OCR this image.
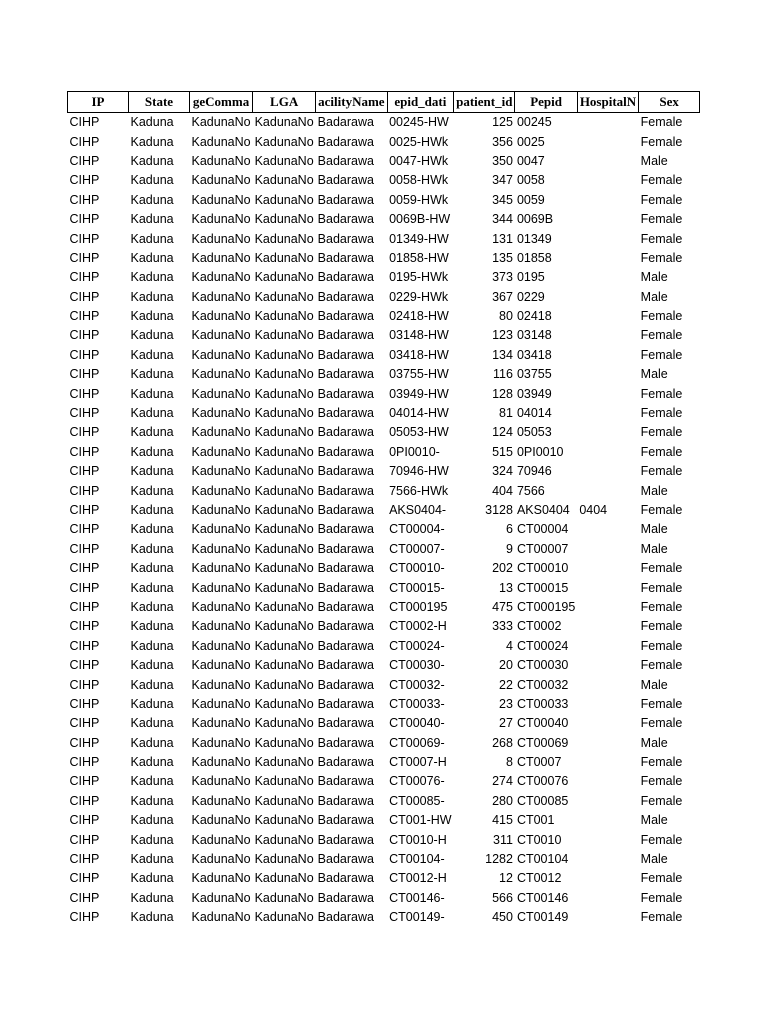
IP	State	geComma	LGA	acilityName	epid_dati	patient_id	Pepid	HospitalN	Sex
CIHP	Kaduna	KadunaNo	KadunaNo	Badarawa	00245-HW	125	00245		Female
CIHP	Kaduna	KadunaNo	KadunaNo	Badarawa	0025-HWk	356	0025		Female
CIHP	Kaduna	KadunaNo	KadunaNo	Badarawa	0047-HWk	350	0047		Male
CIHP	Kaduna	KadunaNo	KadunaNo	Badarawa	0058-HWk	347	0058		Female
CIHP	Kaduna	KadunaNo	KadunaNo	Badarawa	0059-HWk	345	0059		Female
CIHP	Kaduna	KadunaNo	KadunaNo	Badarawa	0069B-HW	344	0069B		Female
CIHP	Kaduna	KadunaNo	KadunaNo	Badarawa	01349-HW	131	01349		Female
CIHP	Kaduna	KadunaNo	KadunaNo	Badarawa	01858-HW	135	01858		Female
CIHP	Kaduna	KadunaNo	KadunaNo	Badarawa	0195-HWk	373	0195		Male
CIHP	Kaduna	KadunaNo	KadunaNo	Badarawa	0229-HWk	367	0229		Male
CIHP	Kaduna	KadunaNo	KadunaNo	Badarawa	02418-HW	80	02418		Female
CIHP	Kaduna	KadunaNo	KadunaNo	Badarawa	03148-HW	123	03148		Female
CIHP	Kaduna	KadunaNo	KadunaNo	Badarawa	03418-HW	134	03418		Female
CIHP	Kaduna	KadunaNo	KadunaNo	Badarawa	03755-HW	116	03755		Male
CIHP	Kaduna	KadunaNo	KadunaNo	Badarawa	03949-HW	128	03949		Female
CIHP	Kaduna	KadunaNo	KadunaNo	Badarawa	04014-HW	81	04014		Female
CIHP	Kaduna	KadunaNo	KadunaNo	Badarawa	05053-HW	124	05053		Female
CIHP	Kaduna	KadunaNo	KadunaNo	Badarawa	0PI0010-	515	0PI0010		Female
CIHP	Kaduna	KadunaNo	KadunaNo	Badarawa	70946-HW	324	70946		Female
CIHP	Kaduna	KadunaNo	KadunaNo	Badarawa	7566-HWk	404	7566		Male
CIHP	Kaduna	KadunaNo	KadunaNo	Badarawa	AKS0404-	3128	AKS0404	0404	Female
CIHP	Kaduna	KadunaNo	KadunaNo	Badarawa	CT00004-	6	CT00004		Male
CIHP	Kaduna	KadunaNo	KadunaNo	Badarawa	CT00007-	9	CT00007		Male
CIHP	Kaduna	KadunaNo	KadunaNo	Badarawa	CT00010-	202	CT00010		Female
CIHP	Kaduna	KadunaNo	KadunaNo	Badarawa	CT00015-	13	CT00015		Female
CIHP	Kaduna	KadunaNo	KadunaNo	Badarawa	CT000195	475	CT000195		Female
CIHP	Kaduna	KadunaNo	KadunaNo	Badarawa	CT0002-H	333	CT0002		Female
CIHP	Kaduna	KadunaNo	KadunaNo	Badarawa	CT00024-	4	CT00024		Female
CIHP	Kaduna	KadunaNo	KadunaNo	Badarawa	CT00030-	20	CT00030		Female
CIHP	Kaduna	KadunaNo	KadunaNo	Badarawa	CT00032-	22	CT00032		Male
CIHP	Kaduna	KadunaNo	KadunaNo	Badarawa	CT00033-	23	CT00033		Female
CIHP	Kaduna	KadunaNo	KadunaNo	Badarawa	CT00040-	27	CT00040		Female
CIHP	Kaduna	KadunaNo	KadunaNo	Badarawa	CT00069-	268	CT00069		Male
CIHP	Kaduna	KadunaNo	KadunaNo	Badarawa	CT0007-H	8	CT0007		Female
CIHP	Kaduna	KadunaNo	KadunaNo	Badarawa	CT00076-	274	CT00076		Female
CIHP	Kaduna	KadunaNo	KadunaNo	Badarawa	CT00085-	280	CT00085		Female
CIHP	Kaduna	KadunaNo	KadunaNo	Badarawa	CT001-HW	415	CT001		Male
CIHP	Kaduna	KadunaNo	KadunaNo	Badarawa	CT0010-H	311	CT0010		Female
CIHP	Kaduna	KadunaNo	KadunaNo	Badarawa	CT00104-	1282	CT00104		Male
CIHP	Kaduna	KadunaNo	KadunaNo	Badarawa	CT0012-H	12	CT0012		Female
CIHP	Kaduna	KadunaNo	KadunaNo	Badarawa	CT00146-	566	CT00146		Female
CIHP	Kaduna	KadunaNo	KadunaNo	Badarawa	CT00149-	450	CT00149		Female
